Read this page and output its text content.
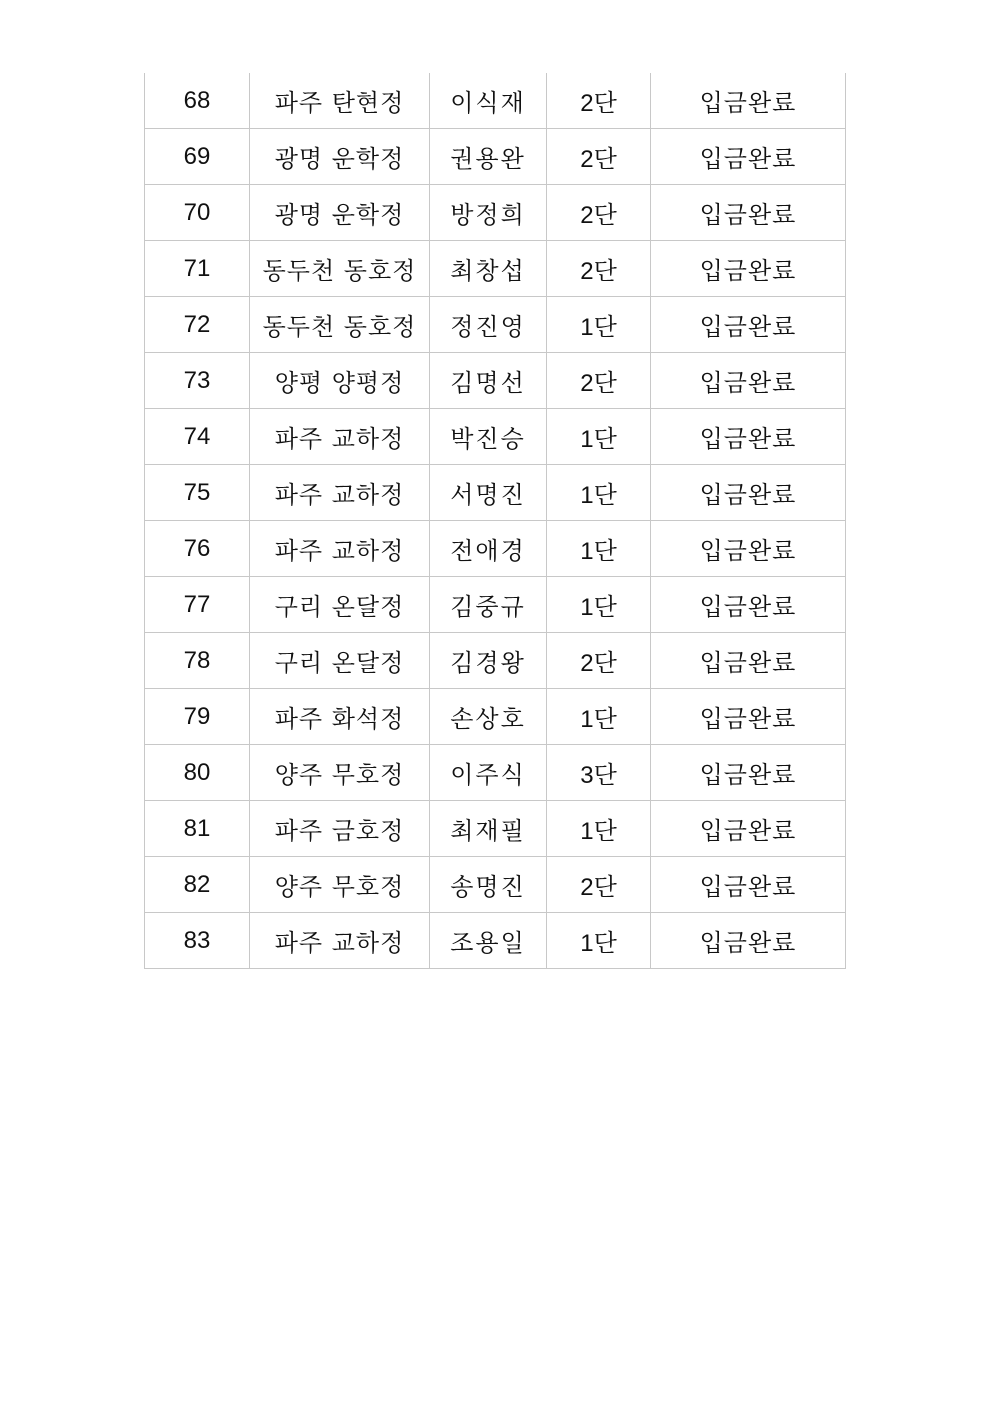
68	파주 탄현정	이식재	2단	입금완료
69	광명 운학정	권용완	2단	입금완료
70	광명 운학정	방정희	2단	입금완료
71	동두천 동호정	최창섭	2단	입금완료
72	동두천 동호정	정진영	1단	입금완료
73	양평 양평정	김명선	2단	입금완료
74	파주 교하정	박진승	1단	입금완료
75	파주 교하정	서명진	1단	입금완료
76	파주 교하정	전애경	1단	입금완료
77	구리 온달정	김중규	1단	입금완료
78	구리 온달정	김경왕	2단	입금완료
79	파주 화석정	손상호	1단	입금완료
80	양주 무호정	이주식	3단	입금완료
81	파주 금호정	최재필	1단	입금완료
82	양주 무호정	송명진	2단	입금완료
83	파주 교하정	조용일	1단	입금완료
